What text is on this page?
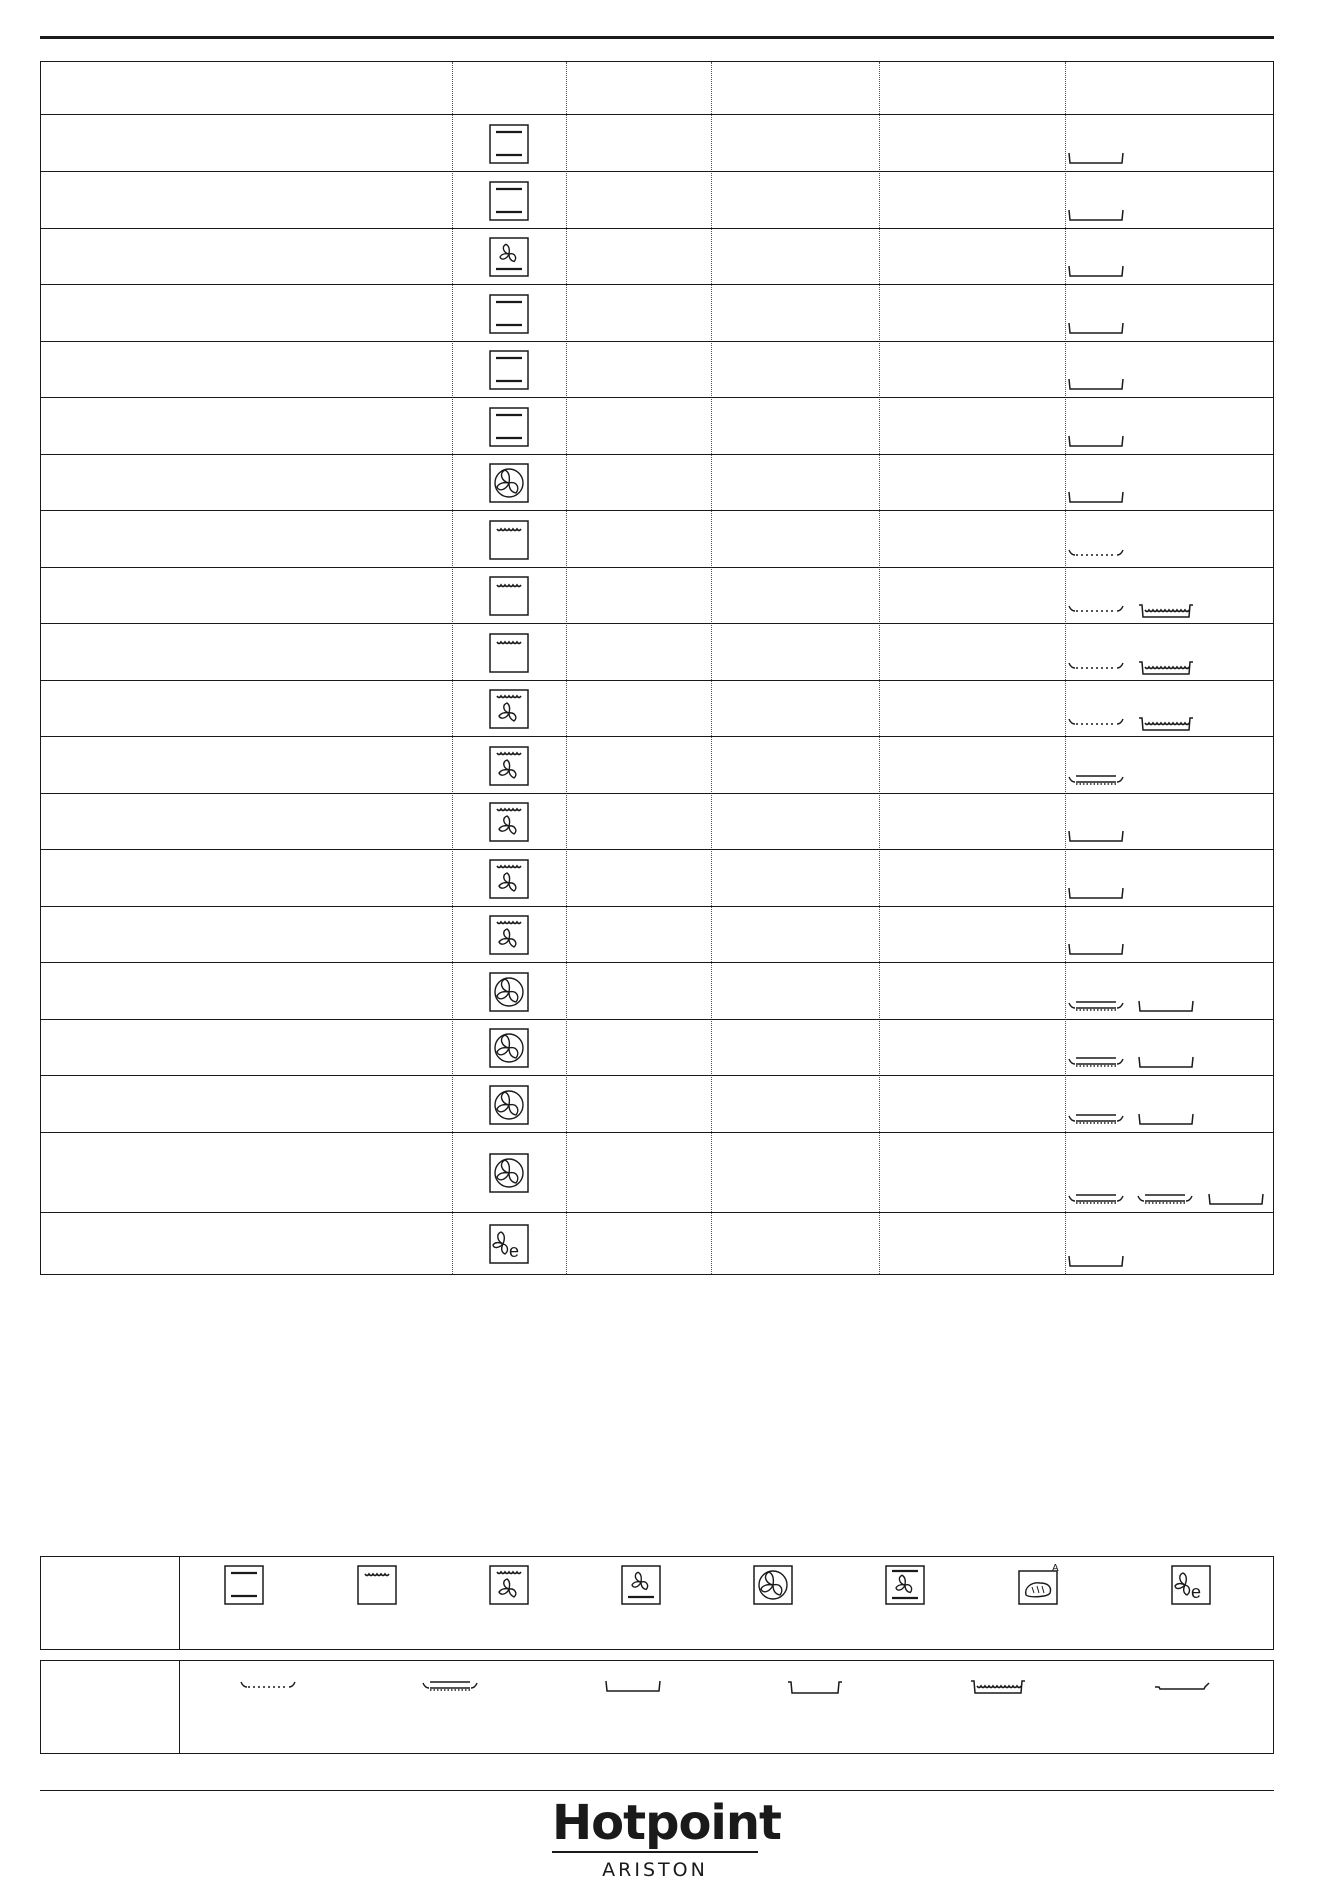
e
A
e
Hotpoint
ARISTON
